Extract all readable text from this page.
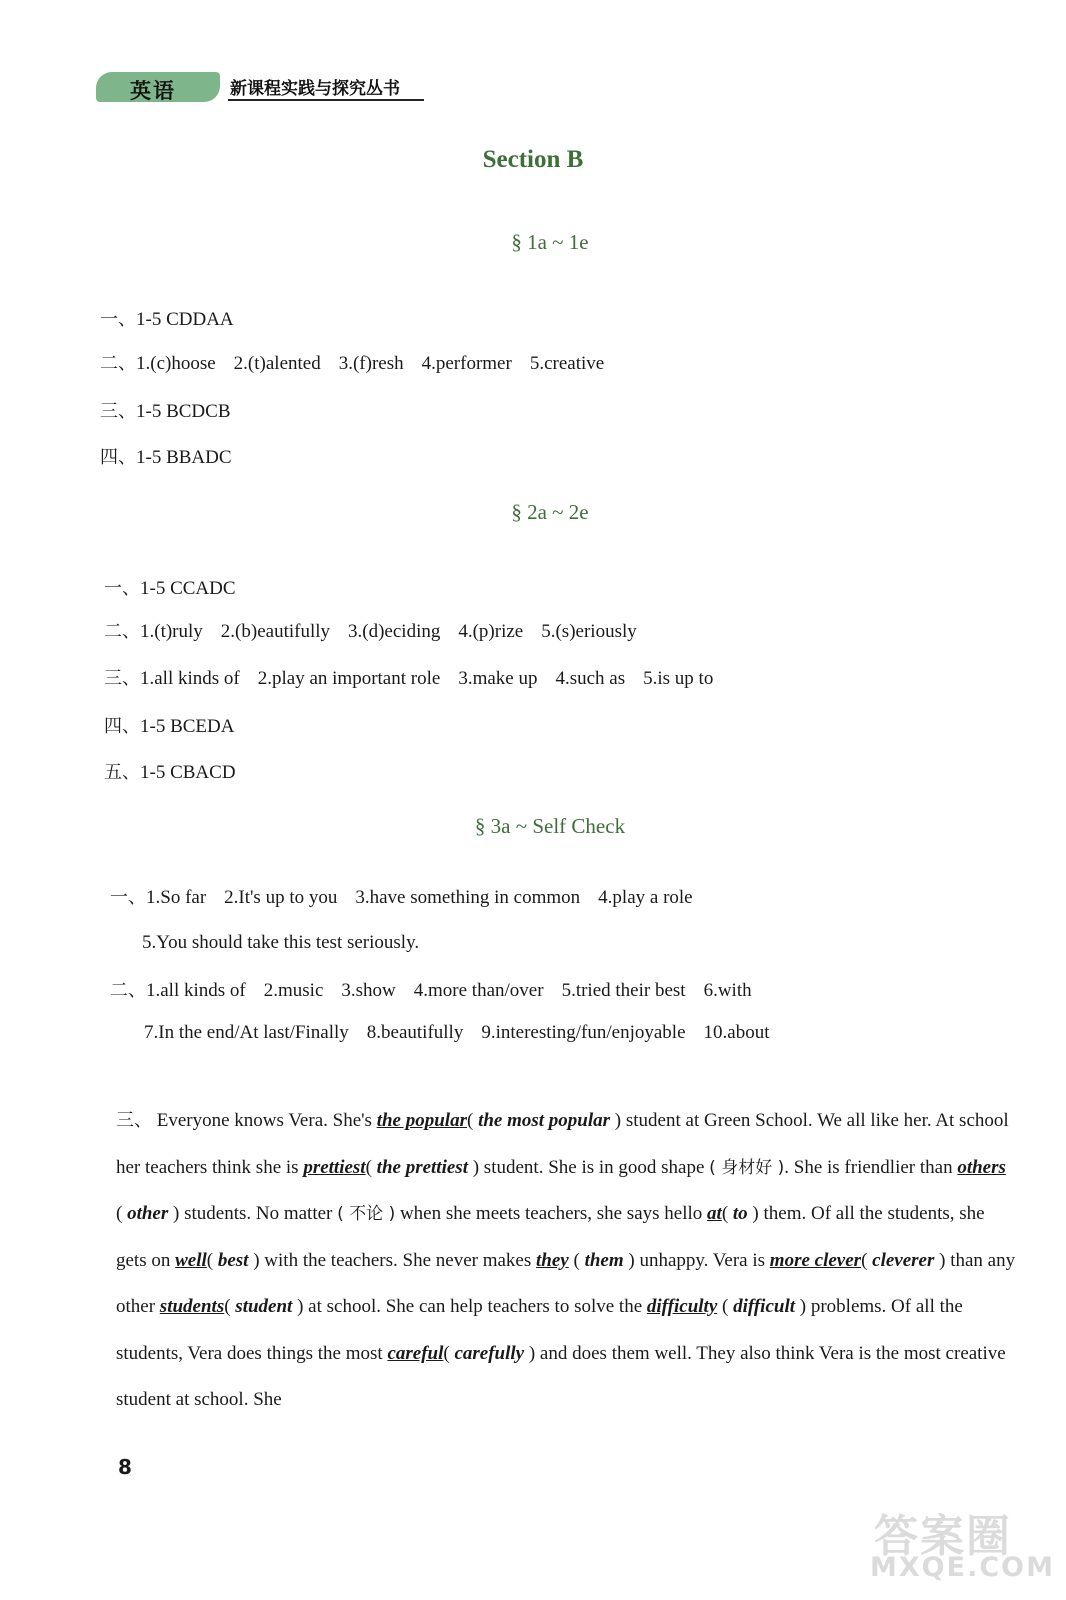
英语	新课程实践与探究丛书
Section B
§ 1a ~ 1e
一、1-5 CDDAA
二、1.(c)hoose 2.(t)alented 3.(f)resh 4.performer 5.creative
三、1-5 BCDCB
四、1-5 BBADC
§ 2a ~ 2e
一、1-5 CCADC
二、1.(t)ruly 2.(b)eautifully 3.(d)eciding 4.(p)rize 5.(s)eriously
三、1.all kinds of 2.play an important role 3.make up 4.such as 5.is up to
四、1-5 BCEDA
五、1-5 CBACD
§ 3a ~ Self Check
一、1.So far 2.It's up to you 3.have something in common 4.play a role
5.You should take this test seriously.
二、1.all kinds of 2.music 3.show 4.more than/over 5.tried their best 6.with
7.In the end/At last/Finally 8.beautifully 9.interesting/fun/enjoyable 10.about
三、 Everyone knows Vera. She's the popular( the most popular ) student at Green School. We all like her. At school her teachers think she is prettiest( the prettiest ) student. She is in good shape ( 身材好 ). She is friendlier than others ( other ) students. No matter ( 不论 ) when she meets teachers, she says hello at( to ) them. Of all the students, she gets on well( best ) with the teachers. She never makes they ( them ) unhappy. Vera is more clever( cleverer ) than any other students( student ) at school. She can help teachers to solve the difficulty ( difficult ) problems. Of all the students, Vera does things the most careful( carefully ) and does them well. They also think Vera is the most creative student at school. She
8
答案圈
MXQE.COM
